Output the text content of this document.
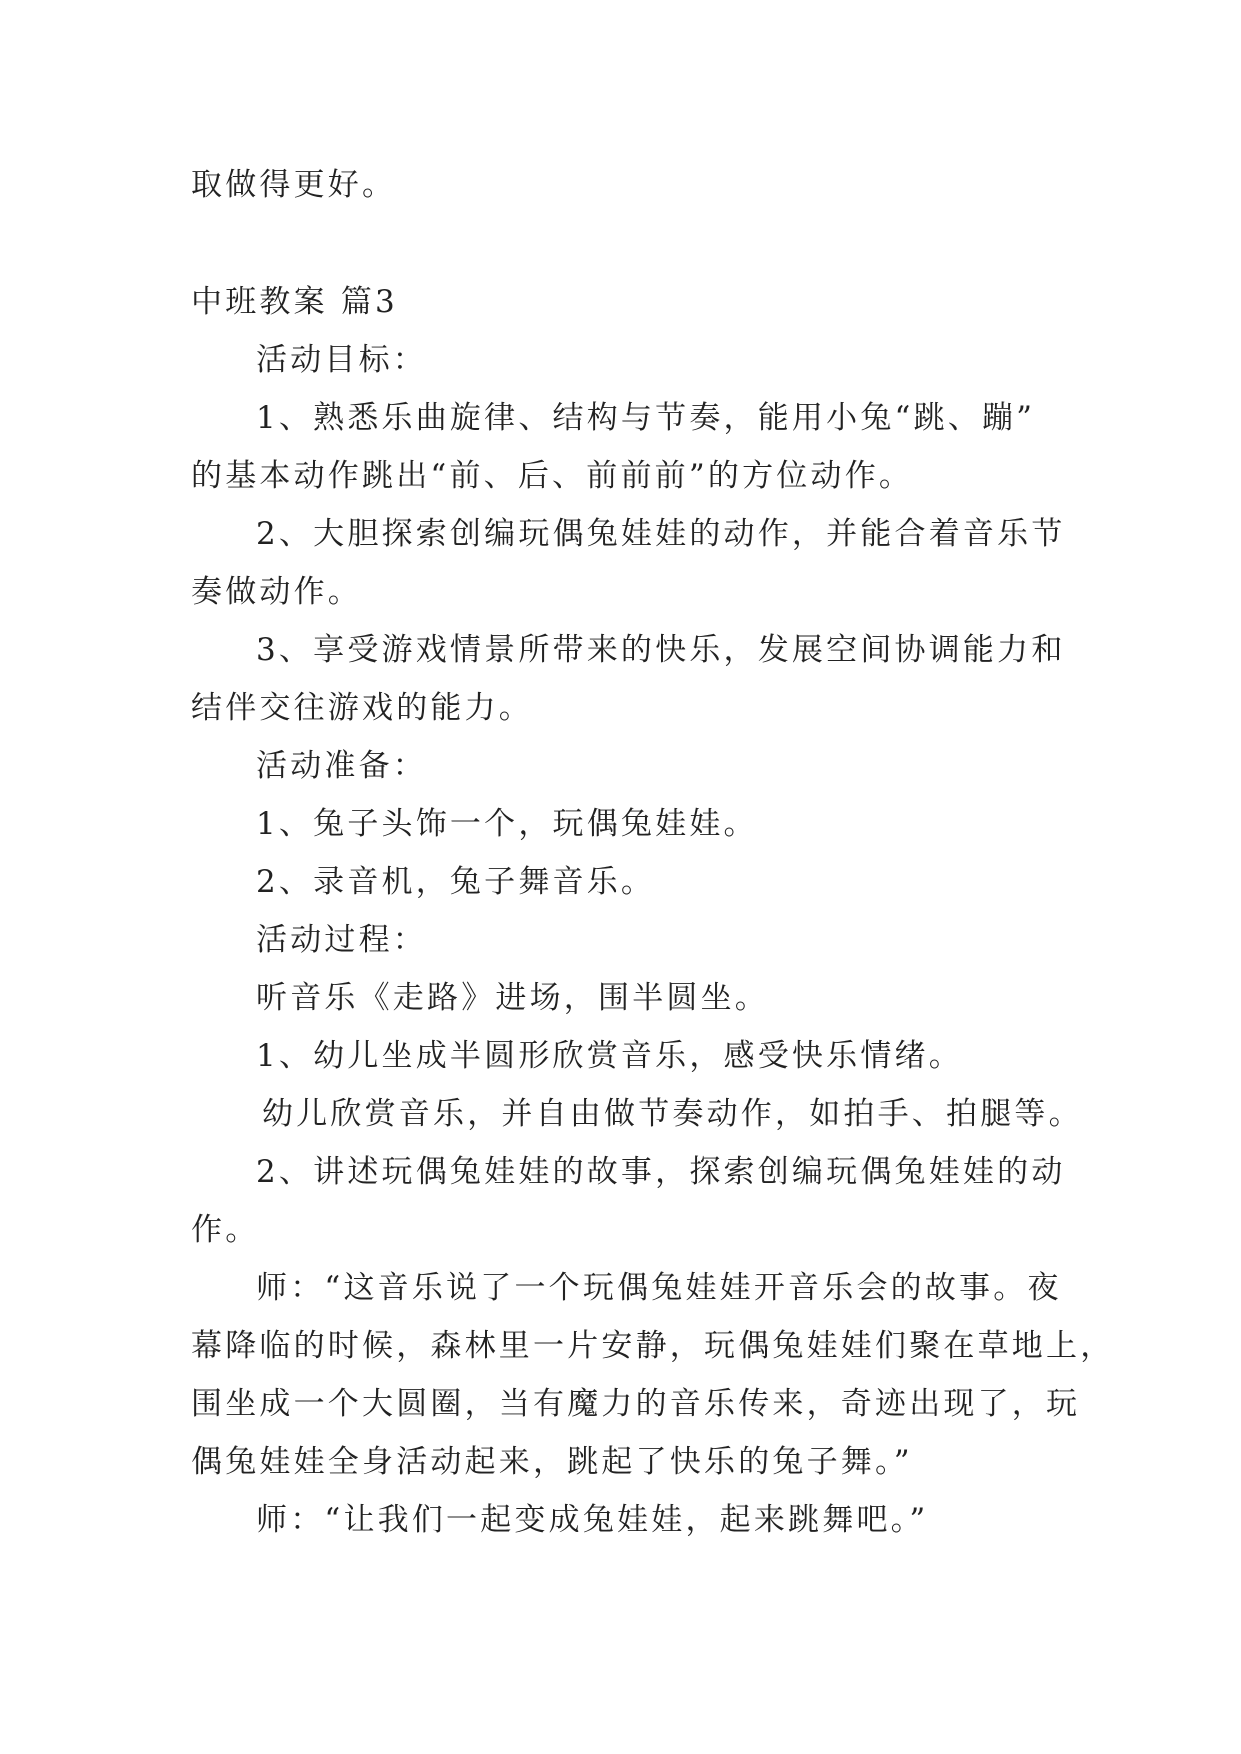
取做得更好。
中班教案 篇3
活动目标：
1、熟悉乐曲旋律、结构与节奏，能用小兔“跳、蹦”
的基本动作跳出“前、后、前前前”的方位动作。
2、大胆探索创编玩偶兔娃娃的动作，并能合着音乐节
奏做动作。
3、享受游戏情景所带来的快乐，发展空间协调能力和
结伴交往游戏的能力。
活动准备：
1、兔子头饰一个，玩偶兔娃娃。
2、录音机，兔子舞音乐。
活动过程：
听音乐《走路》进场，围半圆坐。
1、幼儿坐成半圆形欣赏音乐，感受快乐情绪。
幼儿欣赏音乐，并自由做节奏动作，如拍手、拍腿等。
2、讲述玩偶兔娃娃的故事，探索创编玩偶兔娃娃的动
作。
师：“这音乐说了一个玩偶兔娃娃开音乐会的故事。夜
幕降临的时候，森林里一片安静，玩偶兔娃娃们聚在草地上，
围坐成一个大圆圈，当有魔力的音乐传来，奇迹出现了，玩
偶兔娃娃全身活动起来，跳起了快乐的兔子舞。”
师：“让我们一起变成兔娃娃，起来跳舞吧。”
